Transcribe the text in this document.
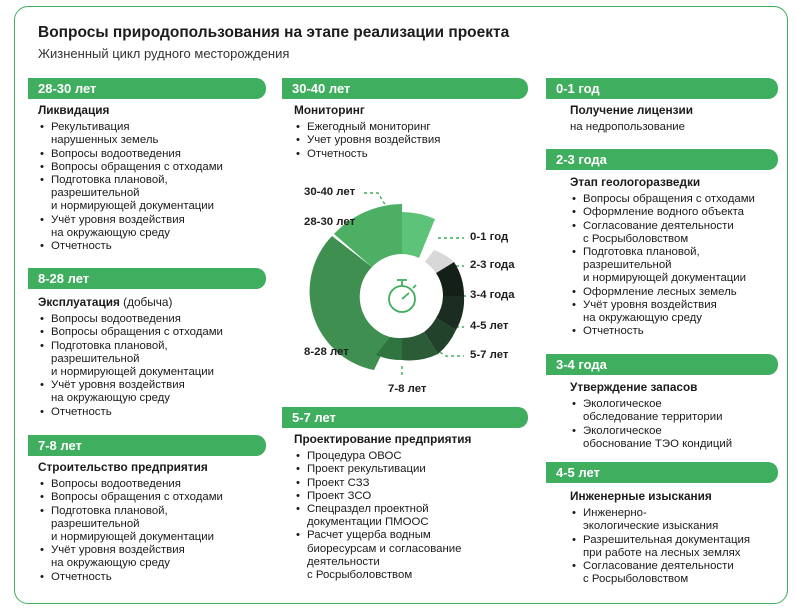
Вопросы природопользования на этапе реализации проекта
Жизненный цикл рудного месторождения
28-30 лет
Ликвидация
• Рекультивация
нарушенных земель
• Вопросы водоотведения
• Вопросы обращения с отходами
• Подготовка плановой,
разрешительной
и нормирующей документации
• Учёт уровня воздействия
на окружающую среду
• Отчетность
8-28 лет
Эксплуатация (добыча)
• Вопросы водоотведения
• Вопросы обращения с отходами
• Подготовка плановой,
разрешительной
и нормирующей документации
• Учёт уровня воздействия
на окружающую среду
• Отчетность
7-8 лет
Строительство предприятия
• Вопросы водоотведения
• Вопросы обращения с отходами
• Подготовка плановой,
разрешительной
и нормирующей документации
• Учёт уровня воздействия
на окружающую среду
• Отчетность
30-40 лет
Мониторинг
• Ежегодный мониторинг
• Учет уровня воздействия
• Отчетность
5-7 лет
Проектирование предприятия
• Процедура ОВОС
• Проект рекультивации
• Проект СЗЗ
• Проект ЗСО
• Спецраздел проектной
документации ПМООС
• Расчет ущерба водным
биоресурсам и согласование
деятельности
с Росрыболовством
30-40 лет
28-30 лет
0-1 год
2-3 года
3-4 года
4-5 лет
5-7 лет
7-8 лет
8-28 лет
0-1 год
Получение лицензии
на недропользование
2-3 года
Этап геологоразведки
• Вопросы обращения с отходами
• Оформление водного объекта
• Согласование деятельности
с Росрыболовством
• Подготовка плановой,
разрешительной
и нормирующей документации
• Оформление лесных земель
• Учёт уровня воздействия
на окружающую среду
• Отчетность
3-4 года
Утверждение запасов
• Экологическое
обследование территории
• Экологическое
обоснование ТЭО кондиций
4-5 лет
Инженерные изыскания
• Инженерно-
экологические изыскания
• Разрешительная документация
при работе на лесных землях
• Согласование деятельности
с Росрыболовством
